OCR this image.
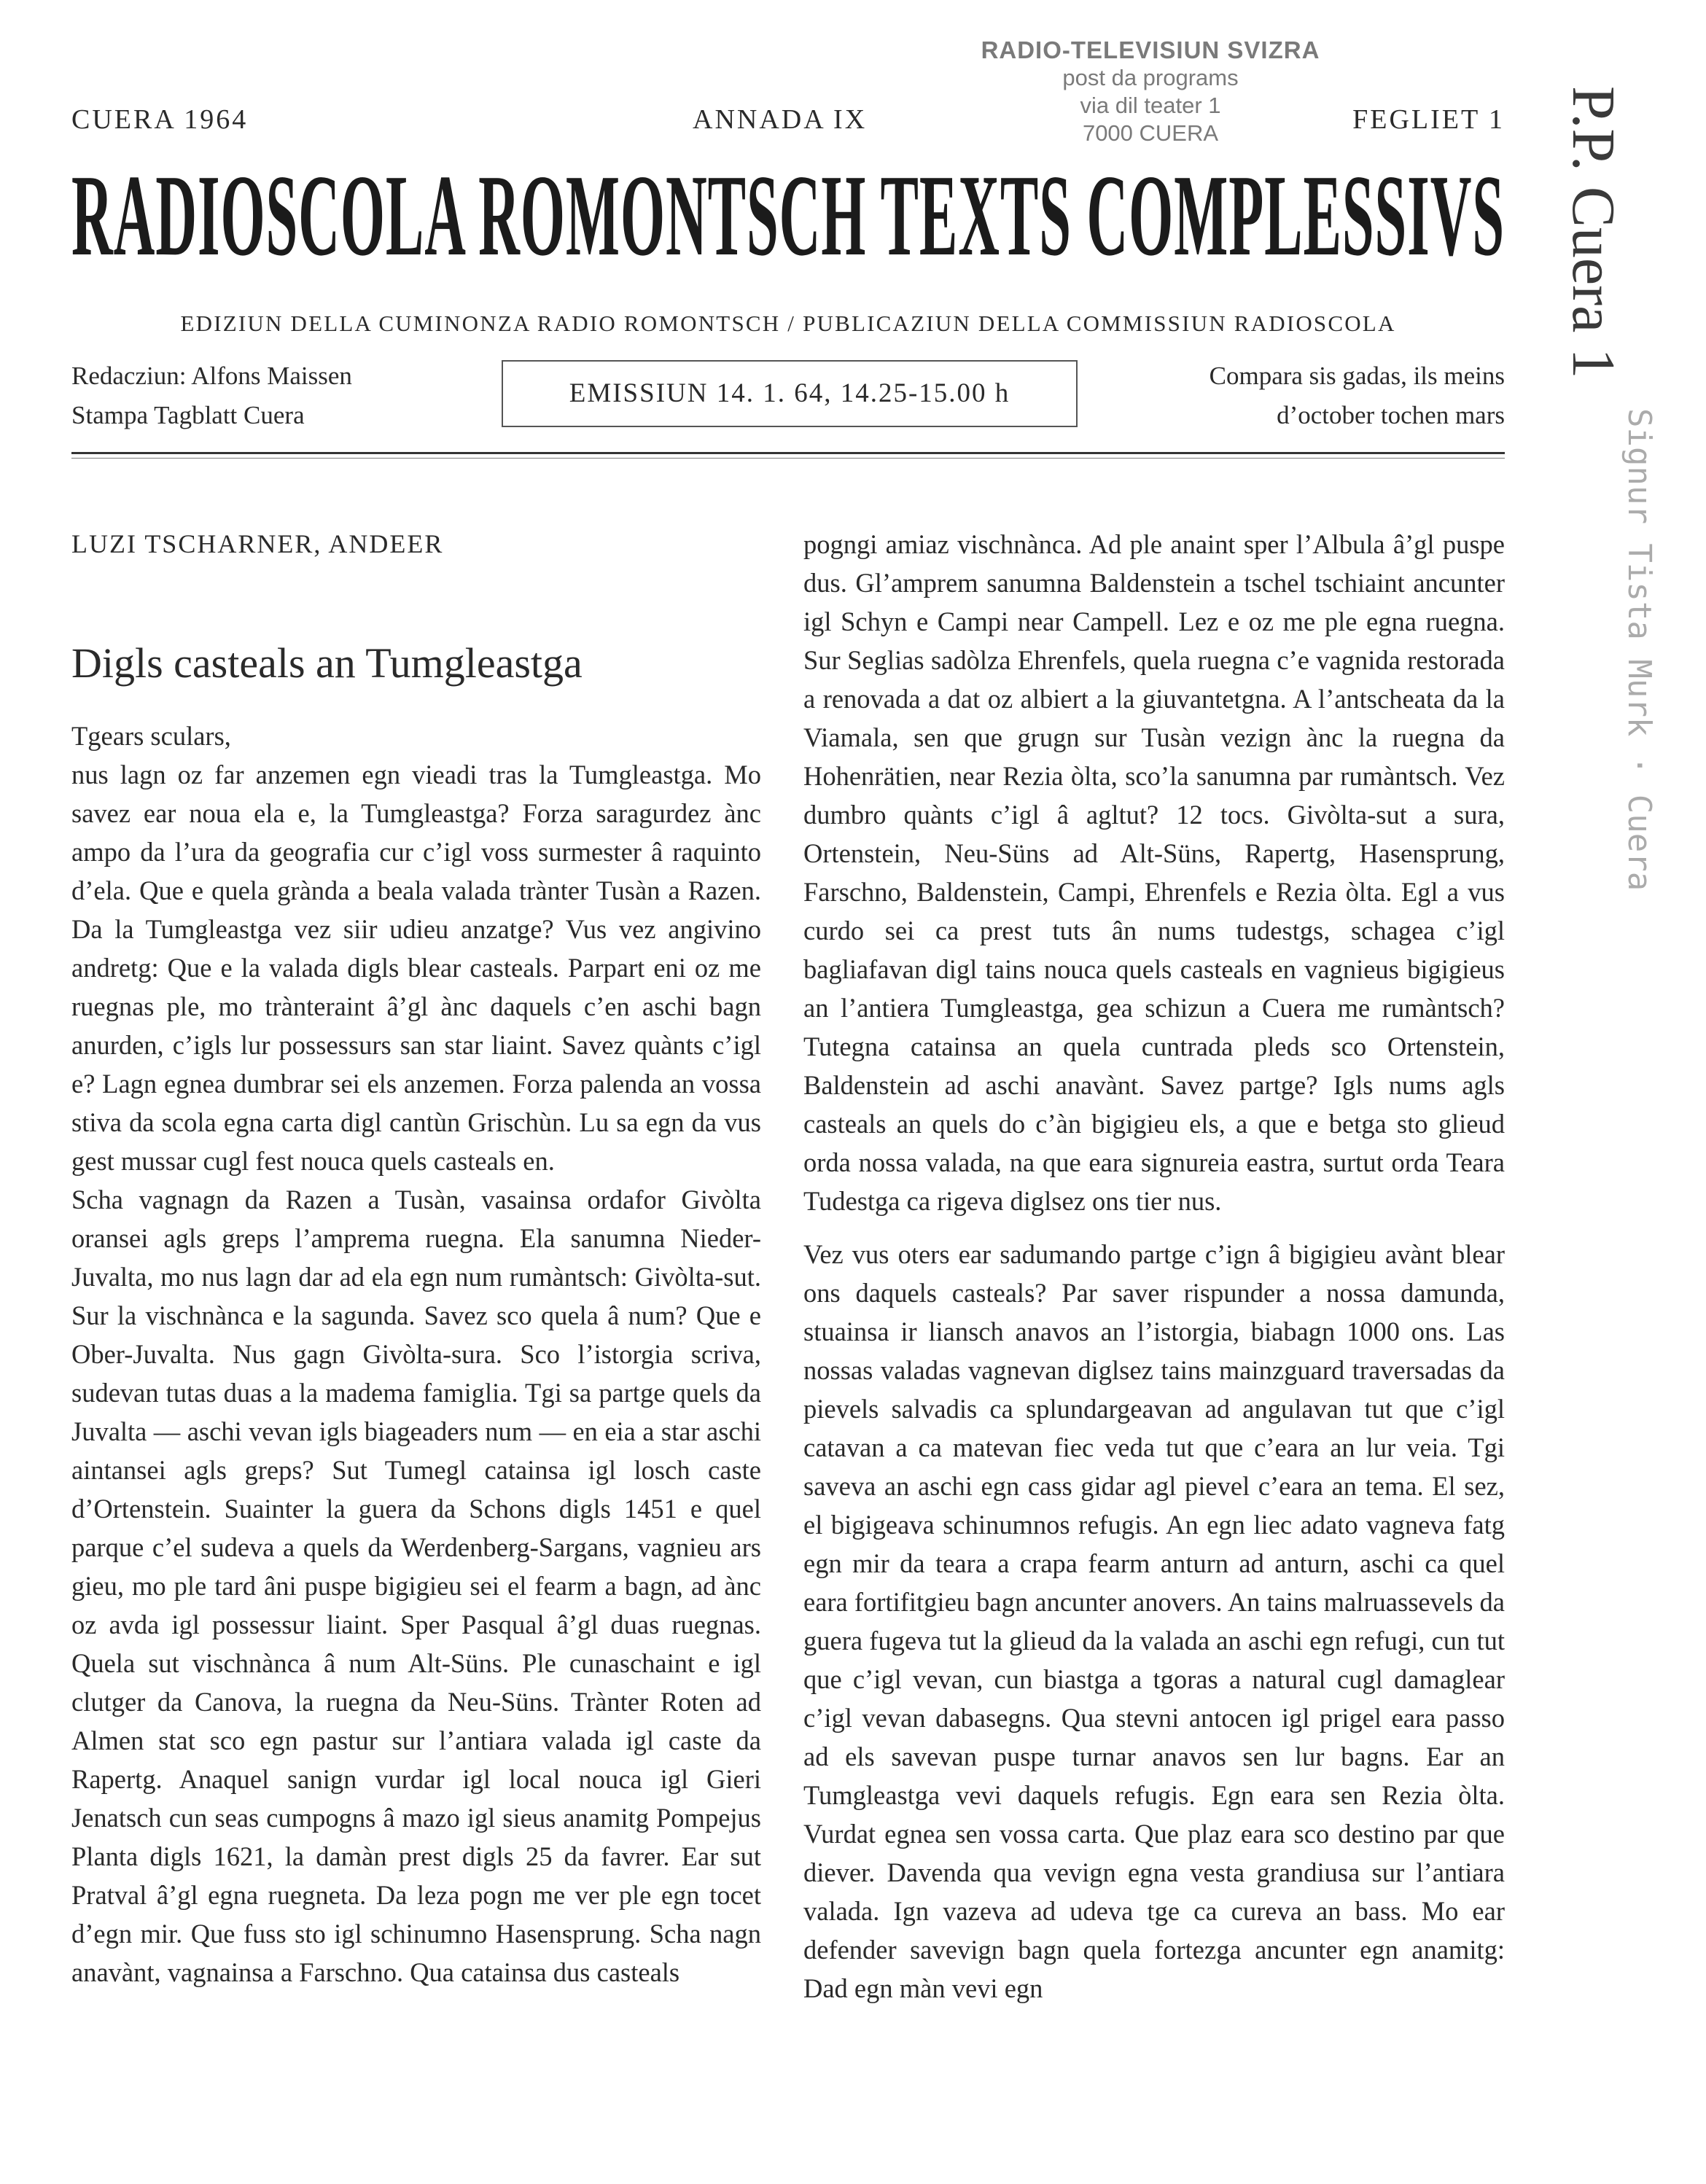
RADIO-TELEVISIUN SVIZRA
post da programs
via dil teater 1
7000 CUERA	P.P. Cuera 1
Signur Tista Murk · Cuera
CUERA 1964	ANNADA IX	FEGLIET 1
RADIOSCOLA ROMONTSCH TEXTS COMPLESSIVS
EDIZIUN DELLA CUMINONZA RADIO ROMONTSCH / PUBLICAZIUN DELLA COMMISSIUN RADIOSCOLA
Redacziun: Alfons Maissen
Stampa Tagblatt Cuera
EMISSIUN 14. 1. 64, 14.25-15.00 h
Compara sis gadas, ils meins
d’october tochen mars

LUZI TSCHARNER, ANDEER

Digls casteals an Tumgleastga

Tgears sculars,

nus lagn oz far anzemen egn vieadi tras la Tumgleastga. Mo savez ear noua ela e, la Tumgleastga? Forza saragurdez ànc ampo da l’ura da geografia cur c’igl voss surmester â raquinto d’ela. Que e quela grànda a beala valada trànter Tusàn a Razen. Da la Tumgleastga vez siir udieu anzatge? Vus vez angivino andretg: Que e la valada digls blear casteals. Parpart eni oz me ruegnas ple, mo trànteraint â’gl ànc daquels c’en aschi bagn anurden, c’igls lur possessurs san star liaint. Savez quànts c’igl e? Lagn egnea dumbrar sei els anzemen. Forza palenda an vossa stiva da scola egna carta digl cantùn Grischùn. Lu sa egn da vus gest mussar cugl fest nouca quels casteals en.

Scha vagnagn da Razen a Tusàn, vasainsa ordafor Givòlta oransei agls greps l’amprema ruegna. Ela sanumna Nieder-Juvalta, mo nus lagn dar ad ela egn num rumàntsch: Givòlta-sut. Sur la vischnànca e la sagunda. Savez sco quela â num? Que e Ober-Juvalta. Nus gagn Givòlta-sura. Sco l’istorgia scriva, sudevan tutas duas a la madema famiglia. Tgi sa partge quels da Juvalta — aschi vevan igls biageaders num — en eia a star aschi aintansei agls greps? Sut Tumegl catainsa igl losch caste d’Ortenstein. Suainter la guera da Schons digls 1451 e quel parque c’el sudeva a quels da Werdenberg-Sargans, vagnieu ars gieu, mo ple tard âni puspe bigigieu sei el fearm a bagn, ad ànc oz avda igl possessur liaint. Sper Pasqual â’gl duas ruegnas. Quela sut vischnànca â num Alt-Süns. Ple cunaschaint e igl clutger da Canova, la ruegna da Neu-Süns. Trànter Roten ad Almen stat sco egn pastur sur l’antiara valada igl caste da Rapertg. Anaquel sanign vurdar igl local nouca igl Gieri Jenatsch cun seas cumpogns â mazo igl sieus anamitg Pompejus Planta digls 1621, la damàn prest digls 25 da favrer. Ear sut Pratval â’gl egna ruegneta. Da leza pogn me ver ple egn tocet d’egn mir. Que fuss sto igl schinumno Hasensprung. Scha nagn anavànt, vagnainsa a Farschno. Qua catainsa dus casteals

pogngi amiaz vischnànca. Ad ple anaint sper l’Albula â’gl puspe dus. Gl’amprem sanumna Baldenstein a tschel tschiaint ancunter igl Schyn e Campi near Campell. Lez e oz me ple egna ruegna. Sur Seglias sadòlza Ehrenfels, quela ruegna c’e vagnida restorada a renovada a dat oz albiert a la giuvantetgna. A l’antscheata da la Viamala, sen que grugn sur Tusàn vezign ànc la ruegna da Hohenrätien, near Rezia òlta, sco’la sanumna par rumàntsch. Vez dumbro quànts c’igl â agltut? 12 tocs. Givòlta-sut a sura, Ortenstein, Neu-Süns ad Alt-Süns, Rapertg, Hasensprung, Farschno, Baldenstein, Campi, Ehrenfels e Rezia òlta. Egl a vus curdo sei ca prest tuts ân nums tudestgs, schagea c’igl bagliafavan digl tains nouca quels casteals en vagnieus bigigieus an l’antiera Tumgleastga, gea schizun a Cuera me rumàntsch? Tutegna catainsa an quela cuntrada pleds sco Ortenstein, Baldenstein ad aschi anavànt. Savez partge? Igls nums agls casteals an quels do c’àn bigigieu els, a que e betga sto glieud orda nossa valada, na que eara signureia eastra, surtut orda Teara Tudestga ca rigeva diglsez ons tier nus.

Vez vus oters ear sadumando partge c’ign â bigigieu avànt blear ons daquels casteals? Par saver rispunder a nossa damunda, stuainsa ir liansch anavos an l’istorgia, biabagn 1000 ons. Las nossas valadas vagnevan diglsez tains mainzguard traversadas da pievels salvadis ca splundargeavan ad angulavan tut que c’igl catavan a ca matevan fiec veda tut que c’eara an lur veia. Tgi saveva an aschi egn cass gidar agl pievel c’eara an tema. El sez, el bigigeava schinumnos refugis. An egn liec adato vagneva fatg egn mir da teara a crapa fearm anturn ad anturn, aschi ca quel eara fortifitgieu bagn ancunter anovers. An tains malruassevels da guera fugeva tut la glieud da la valada an aschi egn refugi, cun tut que c’igl vevan, cun biastga a tgoras a natural cugl damaglear c’igl vevan dabasegns. Qua stevni antocen igl prigel eara passo ad els savevan puspe turnar anavos sen lur bagns. Ear an Tumgleastga vevi daquels refugis. Egn eara sen Rezia òlta. Vurdat egnea sen vossa carta. Que plaz eara sco destino par que diever. Davenda qua vevign egna vesta grandiusa sur l’antiara valada. Ign vazeva ad udeva tge ca cureva an bass. Mo ear defender savevign bagn quela fortezga ancunter egn anamitg: Dad egn màn vevi egn
